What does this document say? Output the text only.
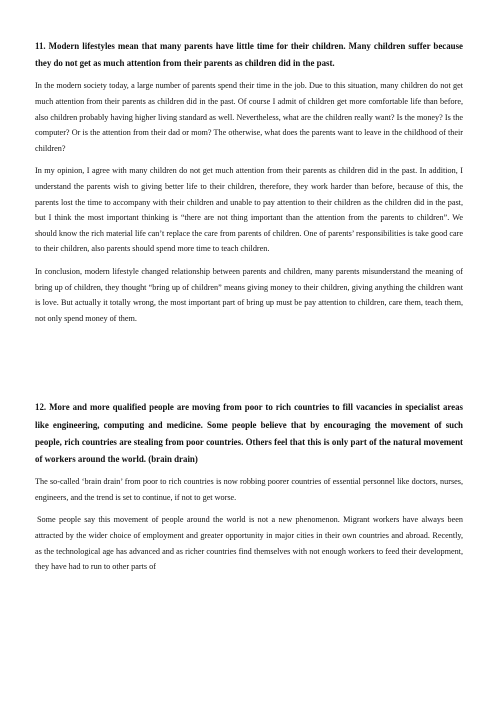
11. Modern lifestyles mean that many parents have little time for their children. Many children suffer because they do not get as much attention from their parents as children did in the past.

In the modern society today, a large number of parents spend their time in the job. Due to this situation, many children do not get much attention from their parents as children did in the past. Of course I admit of children get more comfortable life than before, also children probably having higher living standard as well. Nevertheless, what are the children really want? Is the money? Is the computer? Or is the attention from their dad or mom? The otherwise, what does the parents want to leave in the childhood of their children?

In my opinion, I agree with many children do not get much attention from their parents as children did in the past. In addition, I understand the parents wish to giving better life to their children, therefore, they work harder than before, because of this, the parents lost the time to accompany with their children and unable to pay attention to their children as the children did in the past, but I think the most important thinking is “there are not thing important than the attention from the parents to children”. We should know the rich material life can’t replace the care from parents of children. One of parents’ responsibilities is take good care to their children, also parents should spend more time to teach children.

In conclusion, modern lifestyle changed relationship between parents and children, many parents misunderstand the meaning of bring up of children, they thought “bring up of children” means giving money to their children, giving anything the children want is love. But actually it totally wrong, the most important part of bring up must be pay attention to children, care them, teach them, not only spend money of them.

12. More and more qualified people are moving from poor to rich countries to fill vacancies in specialist areas like engineering, computing and medicine. Some people believe that by encouraging the movement of such people, rich countries are stealing from poor countries. Others feel that this is only part of the natural movement of workers around the world. (brain drain)

The so-called ‘brain drain’ from poor to rich countries is now robbing poorer countries of essential personnel like doctors, nurses, engineers, and the trend is set to continue, if not to get worse.

Some people say this movement of people around the world is not a new phenomenon. Migrant workers have always been attracted by the wider choice of employment and greater opportunity in major cities in their own countries and abroad. Recently, as the technological age has advanced and as richer countries find themselves with not enough workers to feed their development, they have had to run to other parts of
